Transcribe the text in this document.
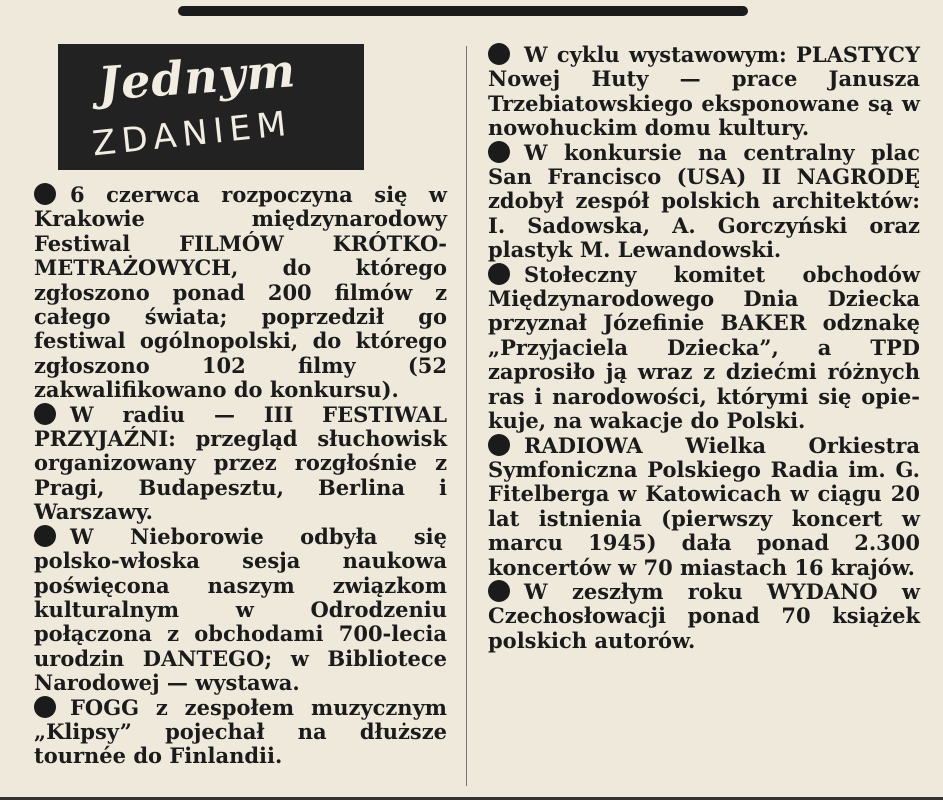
Jednym
ZDANIEM

6 czerwca rozpoczyna się w Krakowie międzynarodowy Festiwal FILMÓW KRÓTKOMETRAŻOWYCH, do którego zgłoszono ponad 200 filmów z całego świata; poprzedził go festiwal ogólnopolski, do którego zgłoszono 102 filmy (52 zakwalifikowano do konkursu).

W radiu — III FESTIWAL PRZYJAŹNI: przegląd słuchowisk organizowany przez rozgłośnie z Pragi, Budapesztu, Berlina i Warszawy.

W Nieborowie odbyła się polsko-włoska sesja naukowa poświęcona naszym związkom kulturalnym w Odrodzeniu połączona z obchodami 700-lecia urodzin DANTEGO; w Bibliotece Narodowej — wystawa.

FOGG z zespołem muzycznym „Klipsy” pojechał na dłuższe tournée do Finlandii.

W cyklu wystawowym: PLASTYCY Nowej Huty — prace Janusza Trzebiatowskiego eksponowane są w nowohuckim domu kultury.

W konkursie na centralny plac San Francisco (USA) II NAGRODĘ zdobył zespół polskich architektów: I. Sadowska, A. Gorczyński oraz plastyk M. Lewandowski.

Stołeczny komitet obchodów Międzynarodowego Dnia Dziecka przyznał Józefinie BAKER odznakę „Przyjaciela Dziecka”, a TPD zaprosiło ją wraz z dziećmi różnych ras i narodowości, którymi się opiekuje, na wakacje do Polski.

RADIOWA Wielka Orkiestra Symfoniczna Polskiego Radia im. G. Fitelberga w Katowicach w ciągu 20 lat istnienia (pierwszy koncert w marcu 1945) dała ponad 2.300 koncertów w 70 miastach 16 krajów.

W zeszłym roku WYDANO w Czechosłowacji ponad 70 książek polskich autorów.
